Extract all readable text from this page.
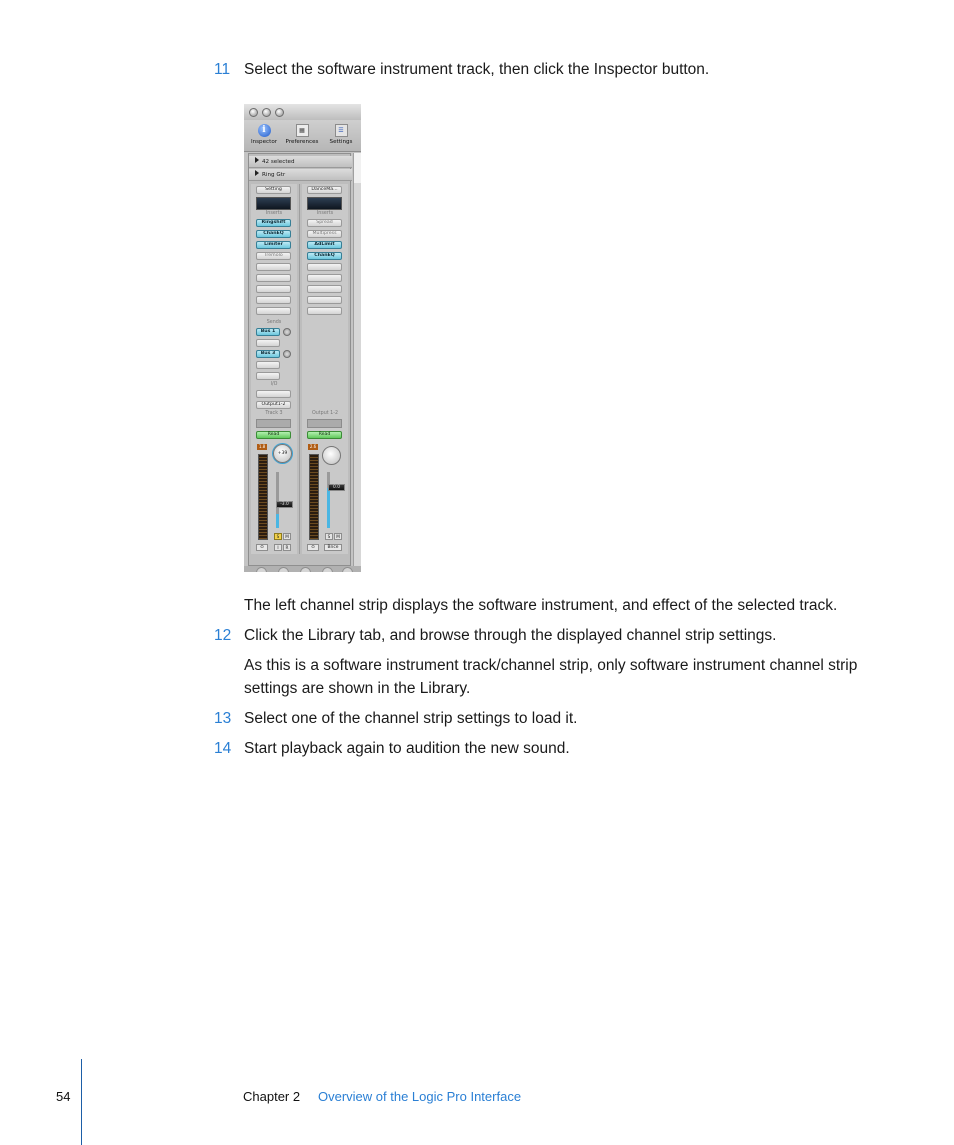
11 Select the software instrument track, then click the Inspector button.
i
Inspector
▦
Preferences
☰
Settings
42 selected
Ring Gtr
Setting
Inserts
Ringshift
ChanEQ
Limiter
Tremolo
Sends
Bus 1
Bus 3
I/O
Output1-2
Track 3
Read
1.8
+39
S	M
⊙	I	R
DanceMa...
Inserts
Spread
Multipress
AdLimit
ChanEQ
Output 1-2
Read
2.6
S	M
⊙	Bnce
-3.0
0.0
The left channel strip displays the software instrument, and effect of the selected track.
12 Click the Library tab, and browse through the displayed channel strip settings.
As this is a software instrument track/channel strip, only software instrument channel strip settings are shown in the Library.
13 Select one of the channel strip settings to load it.
14 Start playback again to audition the new sound.
54	Chapter 2 Overview of the Logic Pro Interface
